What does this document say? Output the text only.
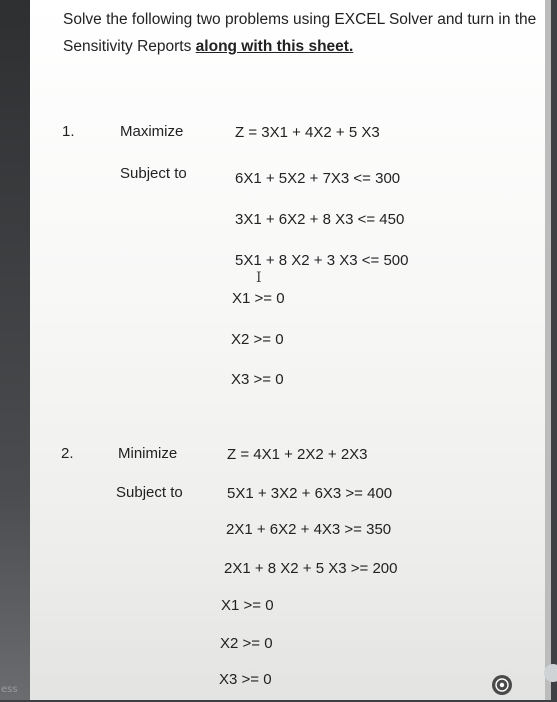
ess
Solve the following two problems using EXCEL Solver and turn in the
Sensitivity Reports along with this sheet.
1.	Maximize	Z = 3X1 + 4X2 + 5 X3
Subject to	6X1 + 5X2 + 7X3 <= 300
3X1 + 6X2 + 8 X3 <= 450
5X1 + 8 X2 + 3 X3 <= 500
X1 >= 0
X2 >= 0
X3 >= 0
2.	Minimize	Z = 4X1 + 2X2 + 2X3
Subject to	5X1 + 3X2 + 6X3 >= 400
2X1 + 6X2 + 4X3 >= 350
2X1 + 8 X2 + 5 X3 >= 200
X1 >= 0
X2 >= 0
X3 >= 0
I
